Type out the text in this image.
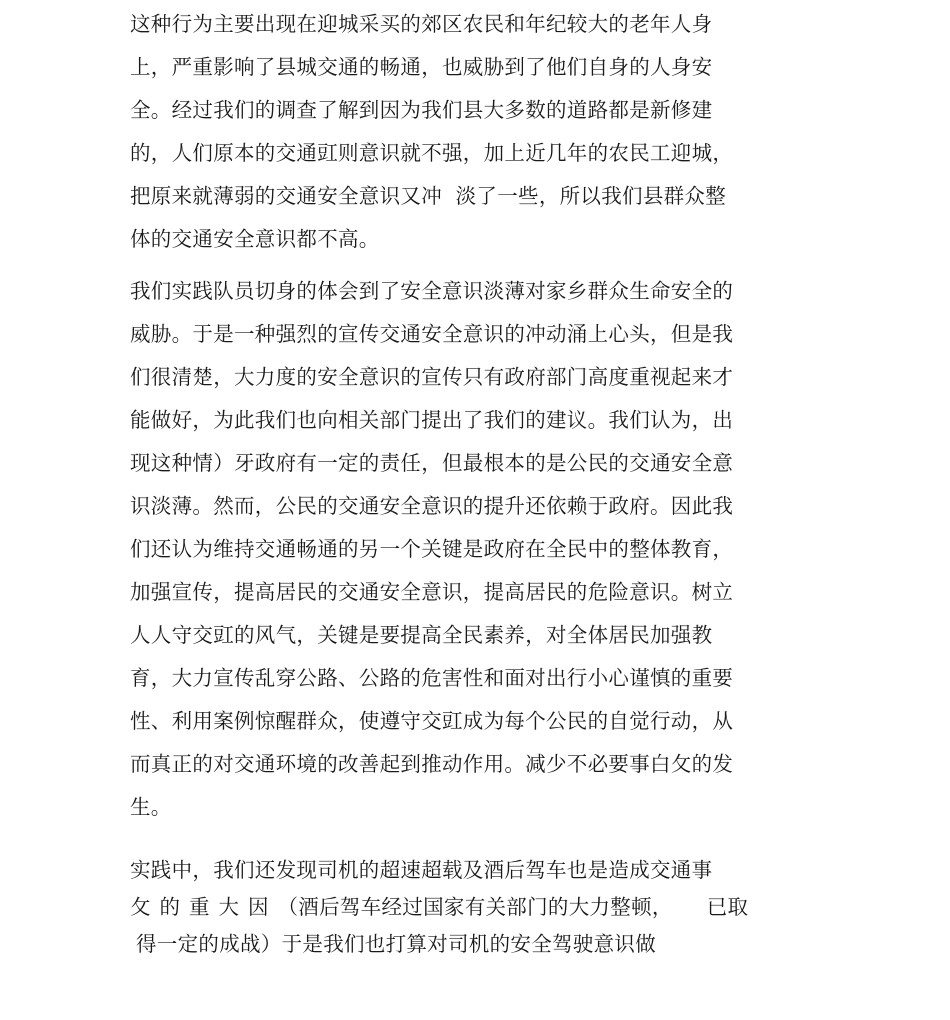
这种行为主要出现在迎城采买的郊区农民和年纪较大的老年人身
上，严重影响了县城交通的畅通，也威胁到了他们自身的人身安
全。经过我们的调查了解到因为我们县大多数的道路都是新修建
的，人们原本的交通豇则意识就不强，加上近几年的农民工迎城，
把原来就薄弱的交通安全意识又冲  淡了一些，所以我们县群众整
体的交通安全意识都不高。
我们实践队员切身的体会到了安全意识淡薄对家乡群众生命安全的
威胁。于是一种强烈的宣传交通安全意识的冲动涌上心头，但是我
们很清楚，大力度的安全意识的宣传只有政府部门高度重视起来才
能做好，为此我们也向相关部门提出了我们的建议。我们认为，出
现这种情）牙政府有一定的责任，但最根本的是公民的交通安全意
识淡薄。然而，公民的交通安全意识的提升还依赖于政府。因此我
们还认为维持交通畅通的另一个关键是政府在全民中的整体教育，
加强宣传，提高居民的交通安全意识，提高居民的危险意识。树立
人人守交豇的风气，关键是要提高全民素养，对全体居民加强教
育，大力宣传乱穿公路、公路的危害性和面对出行小心谨慎的重要
性、利用案例惊醒群众，使遵守交豇成为每个公民的自觉行动，从
而真正的对交通环境的改善起到推动作用。减少不必要事白攵的发
生。
实践中，我们还发现司机的超速超载及酒后驾车也是造成交通事
攵的重大因（酒后驾车经过国家有关部门的大力整顿， 已取
得一定的成战）于是我们也打算对司机的安全驾驶意识做
